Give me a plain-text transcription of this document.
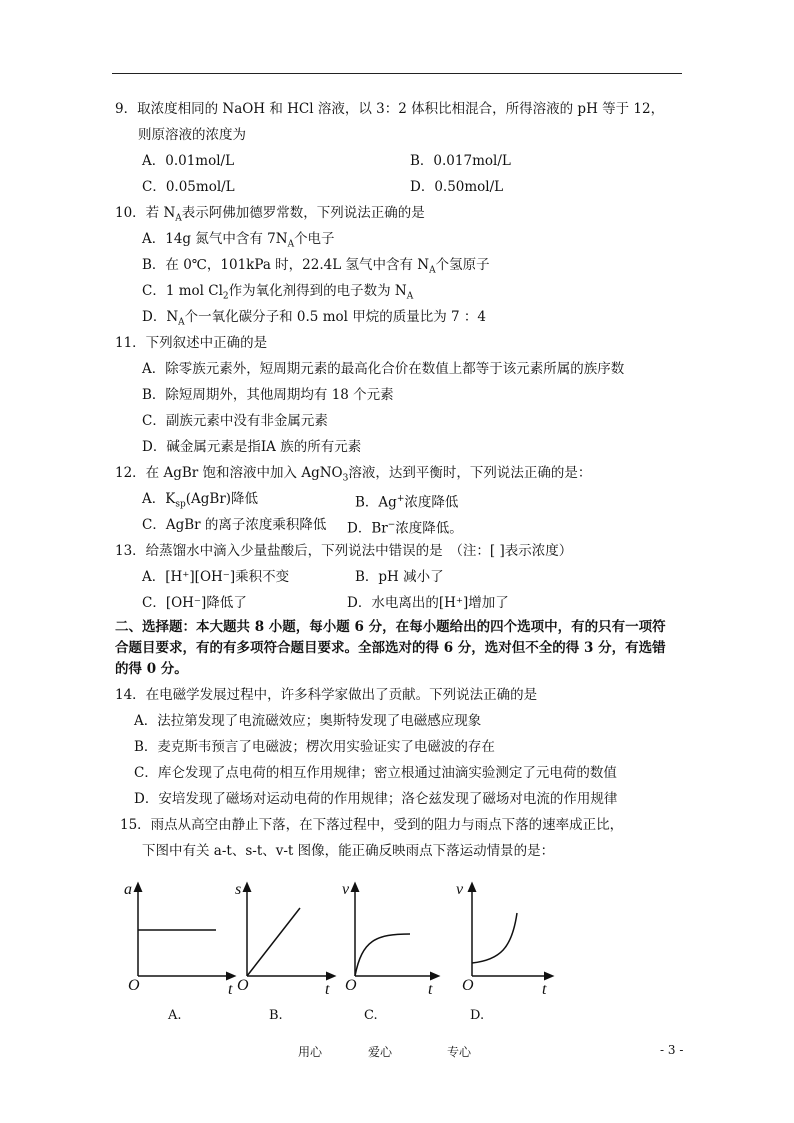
9．取浓度相同的 NaOH 和 HCl 溶液，以 3：2 体积比相混合，所得溶液的 pH 等于 12，
则原溶液的浓度为
A．0.01mol/L	B．0.017mol/L
C．0.05mol/L	D．0.50mol/L
10．若 $N_A$表示阿佛加德罗常数，下列说法正确的是
A．14g 氮气中含有 $7N_A$个电子
B．在 0℃，101kPa 时，22.4L 氢气中含有 $N_A$个氢原子
C．1 mol $Cl_2$作为氧化剂得到的电子数为 $N_A$
D．$N_A$个一氧化碳分子和 0.5 mol 甲烷的质量比为 7 ：4
11．下列叙述中正确的是
A．除零族元素外，短周期元素的最高化合价在数值上都等于该元素所属的族序数
B．除短周期外，其他周期均有 18 个元素
C．副族元素中没有非金属元素
D．碱金属元素是指ⅠA 族的所有元素
12．在 AgBr 饱和溶液中加入 AgNO$_3$溶液，达到平衡时，下列说法正确的是：
A．$K_{sp}(AgBr)$降低	B．Ag+浓度降低
C．AgBr 的离子浓度乘积降低 D．Br−浓度降低。
13．给蒸馏水中滴入少量盐酸后，下列说法中错误的是　（注：[ ]表示浓度）
A．[H⁺][OH⁻]乘积不变	B．pH 减小了
C．[OH⁻]降低了	D．水电离出的[H⁺]增加了
二、选择题：本大题共 8 小题，每小题 6 分，在每小题给出的四个选项中，有的只有一项符
合题目要求，有的有多项符合题目要求。全部选对的得 6 分，选对但不全的得 3 分，有选错
的得 0 分。
14．在电磁学发展过程中，许多科学家做出了贡献。下列说法正确的是
A．法拉第发现了电流磁效应；奥斯特发现了电磁感应现象
B．麦克斯韦预言了电磁波；楞次用实验证实了电磁波的存在
C．库仑发现了点电荷的相互作用规律；密立根通过油滴实验测定了元电荷的数值
D．安培发现了磁场对运动电荷的作用规律；洛仑兹发现了磁场对电流的作用规律
15．雨点从高空由静止下落，在下落过程中，受到的阻力与雨点下落的速率成正比，
下图中有关 a-t、s-t、v-t 图像，能正确反映雨点下落运动情景的是：
a
O	t
s
O	t
v
O	t
v
O	t
A.	B.	C.	D.
用心	爱心	专心	- 3 -
